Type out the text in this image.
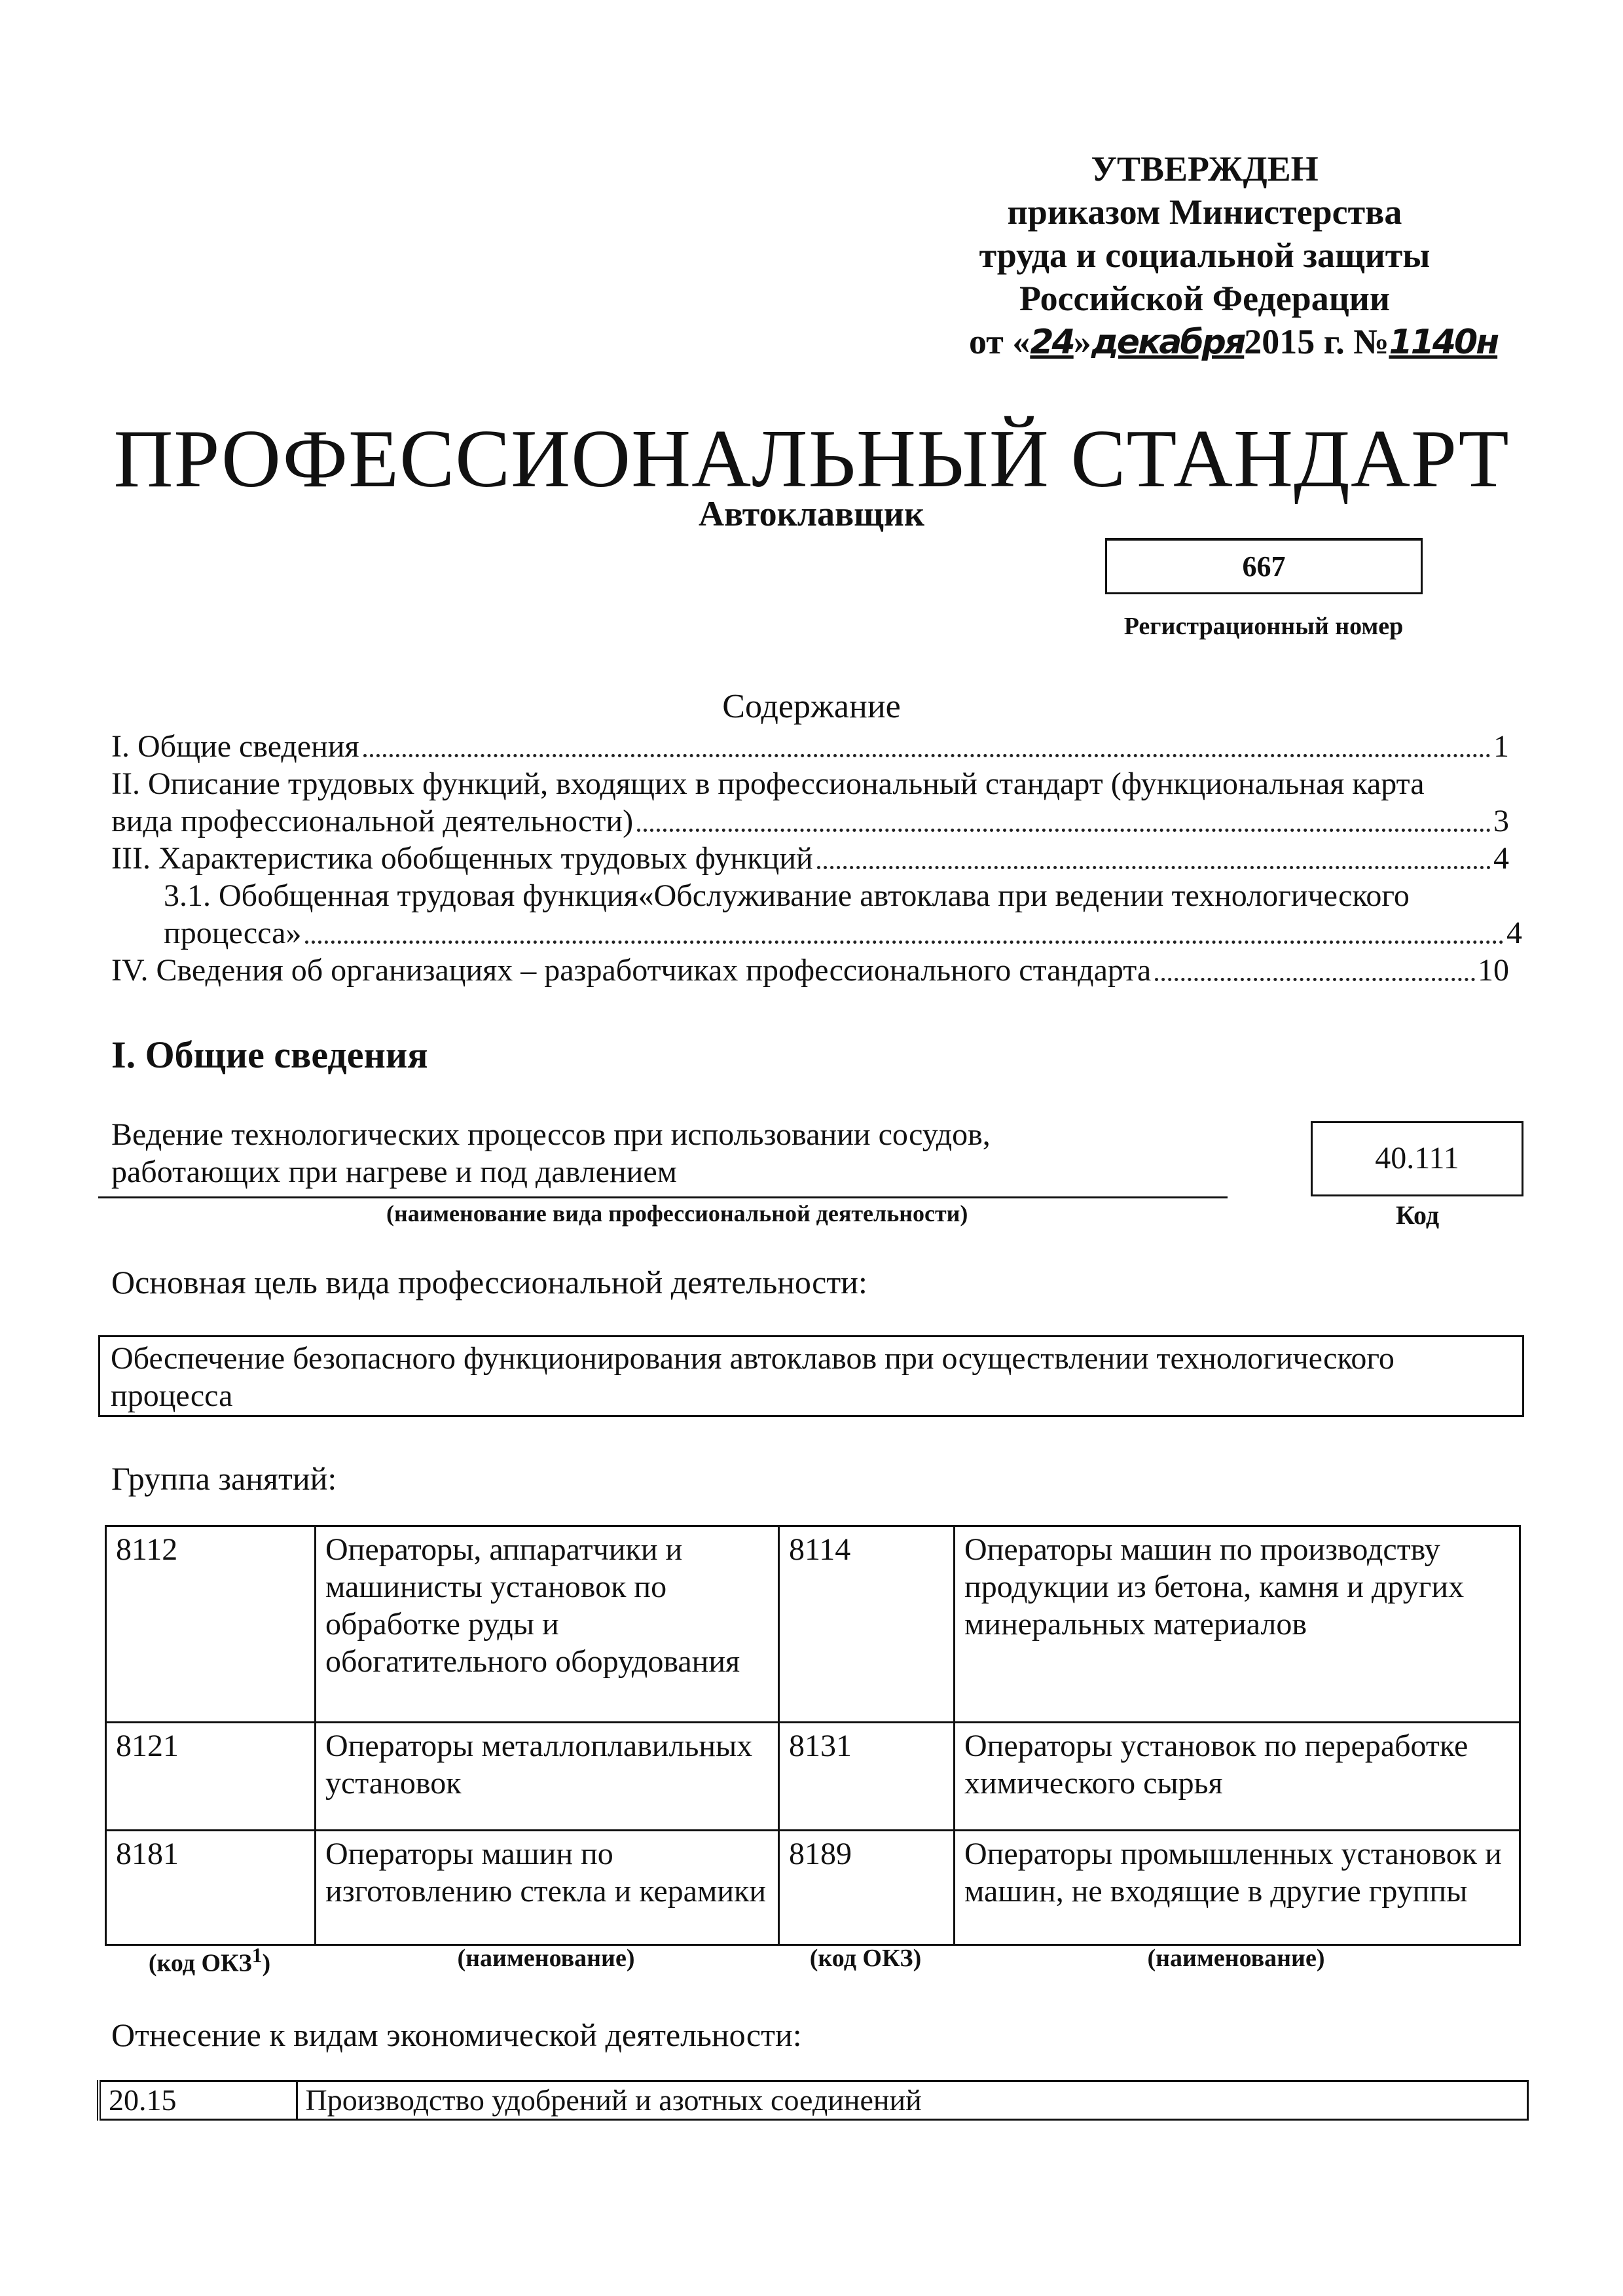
УТВЕРЖДЕН
приказом Министерства
труда и социальной защиты
Российской Федерации
от «24»декабря2015 г. №1140н
ПРОФЕССИОНАЛЬНЫЙ СТАНДАРТ
Автоклавщик
667
Регистрационный номер
Содержание
I. Общие сведения	1
II. Описание трудовых функций, входящих в профессиональный стандарт (функциональная карта
вида профессиональной деятельности)	3
III. Характеристика обобщенных трудовых функций	4
3.1. Обобщенная трудовая функция«Обслуживание автоклава при ведении технологического
процесса»	4
IV. Сведения об организациях – разработчиках профессионального стандарта	10
I. Общие сведения
Ведение технологических процессов при использовании сосудов,
работающих при нагреве и под давлением
(наименование вида профессиональной деятельности)
40.111
Код
Основная цель вида профессиональной деятельности:
Обеспечение безопасного функционирования автоклавов при осуществлении технологического процесса
Группа занятий:
8112	Операторы, аппаратчики и машинисты установок по обработке руды и обогатительного оборудования	8114	Операторы машин по производству продукции из бетона, камня и других минеральных материалов
8121	Операторы металлоплавильных установок	8131	Операторы установок по переработке химического сырья
8181	Операторы машин по изготовлению стекла и керамики	8189	Операторы промышленных установок и машин, не входящие в другие группы
(код ОКЗ$^1$)	(наименование)	(код ОКЗ)	(наименование)
Отнесение к видам экономической деятельности:
20.15	Производство удобрений и азотных соединений
